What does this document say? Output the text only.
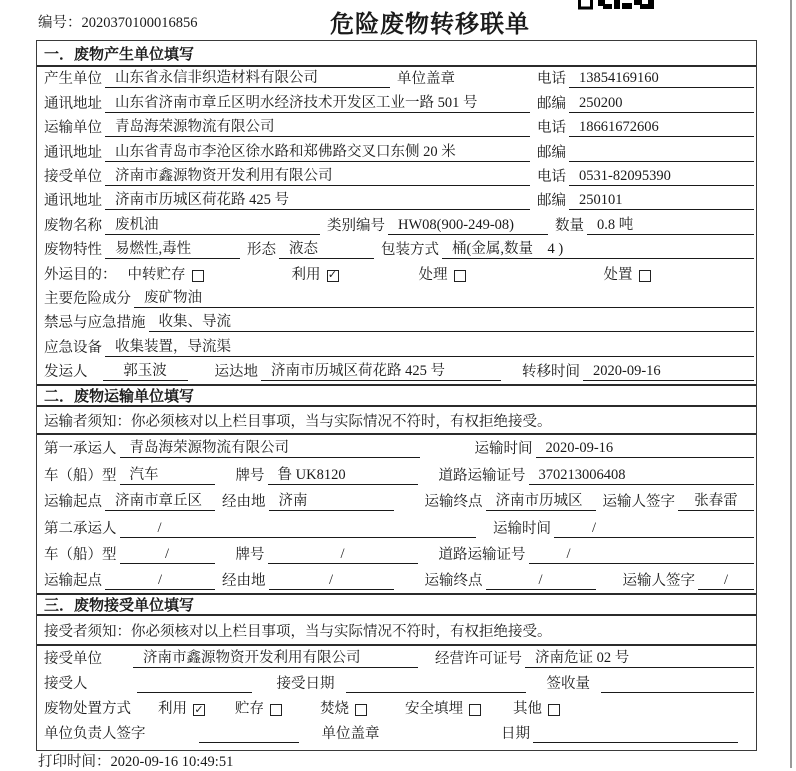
编号：2020370100016856	危险废物转移联单
一．废物产生单位填写
产生单位 山东省永信非织造材料有限公司	单位盖章	电话 13854169160
通讯地址 山东省济南市章丘区明水经济技术开发区工业一路 501 号	邮编 250200
运输单位 青岛海荣源物流有限公司	电话 18661672606
通讯地址 山东省青岛市李沧区徐水路和郑佛路交叉口东侧 20 米	邮编
接受单位 济南市鑫源物资开发利用有限公司	电话 0531-82095390
通讯地址 济南市历城区荷花路 425 号	邮编 250101
废物名称 废机油	类别编号 HW08(900-249-08)	数量 0.8 吨
废物特性 易燃性,毒性	形态 液态	包装方式 桶(金属,数量　4 )
外运目的： 中转贮存	利用 ✓	处理	处置
主要危险成分 废矿物油
禁忌与应急措施 收集、导流
应急设备 收集装置，导流渠
发运人	郭玉波	运达地 济南市历城区荷花路 425 号	转移时间 2020-09-16
二．废物运输单位填写
运输者须知：你必须核对以上栏目事项，当与实际情况不符时，有权拒绝接受。
第一承运人 青岛海荣源物流有限公司	运输时间 2020-09-16
车（船）型 汽车	牌号 鲁 UK8120	道路运输证号 370213006408
运输起点 济南市章丘区	经由地 济南	运输终点 济南市历城区	运输人签字	张春雷
第二承运人	/	运输时间	/
车（船）型	/	牌号	/	道路运输证号	/
运输起点	/	经由地	/	运输终点	/	运输人签字	/
三．废物接受单位填写
接受者须知：你必须核对以上栏目事项，当与实际情况不符时，有权拒绝接受。
接受单位	济南市鑫源物资开发利用有限公司	经营许可证号 济南危证 02 号
接受人	接受日期	签收量
废物处置方式 利用 ✓ 贮存	焚烧	安全填埋	其他
单位负责人签字	单位盖章	日期
打印时间：2020-09-16 10:49:51
